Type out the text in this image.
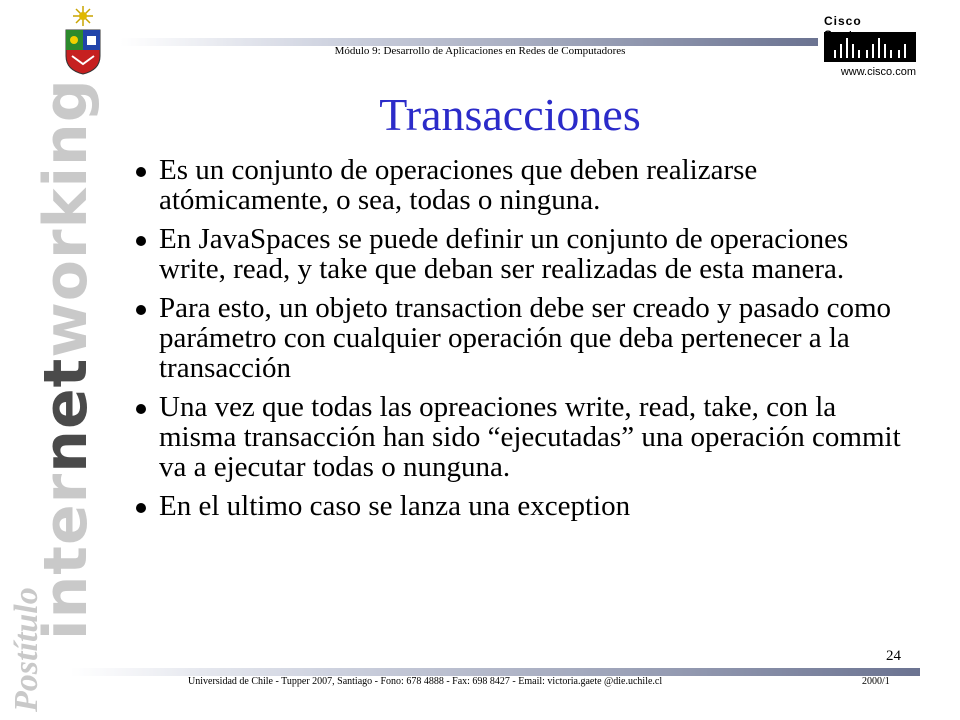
Módulo 9: Desarrollo de Aplicaciones en Redes de Computadores
Cisco
www.cisco.com
internetworking
Postítulo
Transacciones
Es un conjunto de operaciones que deben realizarse atómicamente, o sea, todas o ninguna.
En JavaSpaces se puede definir un conjunto de operaciones write, read, y take que deban ser realizadas de esta manera.
Para esto, un objeto transaction debe ser creado y pasado como parámetro con cualquier operación que deba pertenecer a la transacción
Una vez que todas las opreaciones write, read, take, con la misma transacción han sido “ejecutadas” una operación commit va a ejecutar todas o nunguna.
En el ultimo caso se lanza una exception
24
Universidad de Chile - Tupper 2007, Santiago - Fono: 678 4888 - Fax: 698 8427 - Email: victoria.gaete @die.uchile.cl	2000/1
